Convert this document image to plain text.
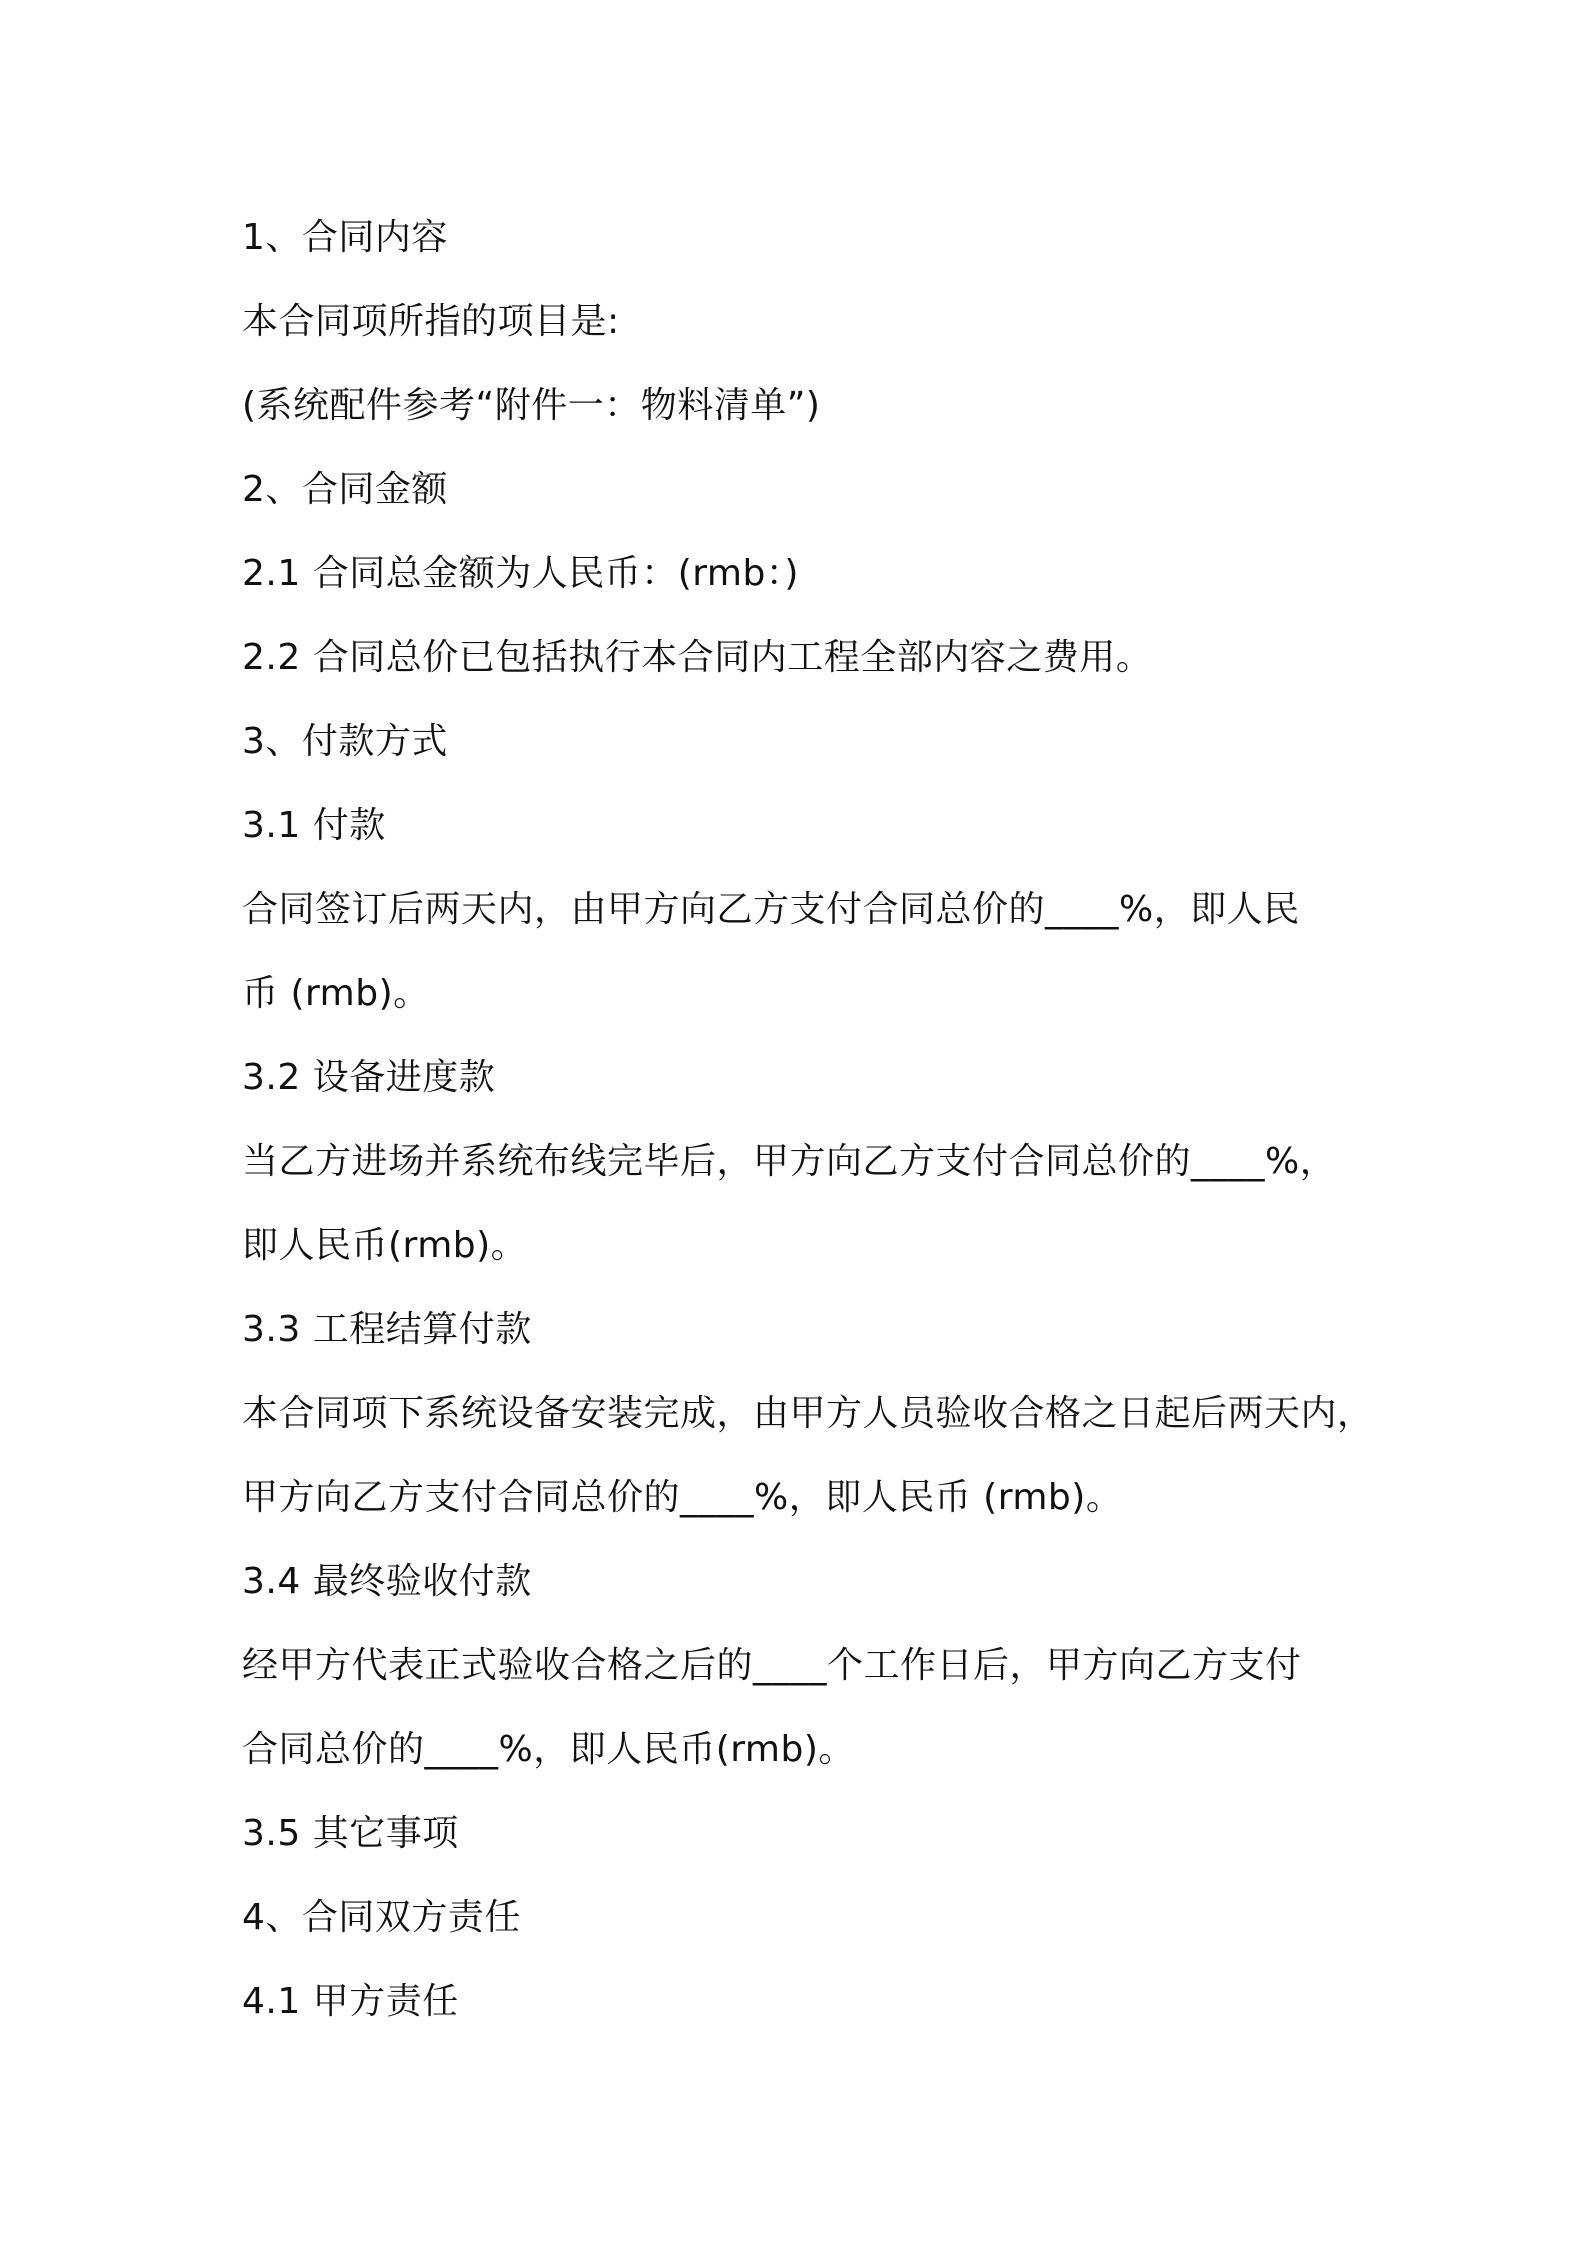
1、合同内容
本合同项所指的项目是:
(系统配件参考“附件一：物料清单”)
2、合同金额
2.1 合同总金额为人民币：(rmb：)
2.2 合同总价已包括执行本合同内工程全部内容之费用。
3、付款方式
3.1 付款
合同签订后两天内，由甲方向乙方支付合同总价的____%，即人民
币 (rmb)。
3.2 设备进度款
当乙方进场并系统布线完毕后，甲方向乙方支付合同总价的____%，
即人民币(rmb)。
3.3 工程结算付款
本合同项下系统设备安装完成，由甲方人员验收合格之日起后两天内，
甲方向乙方支付合同总价的____%，即人民币 (rmb)。
3.4 最终验收付款
经甲方代表正式验收合格之后的____个工作日后，甲方向乙方支付
合同总价的____%，即人民币(rmb)。
3.5 其它事项
4、合同双方责任
4.1 甲方责任
